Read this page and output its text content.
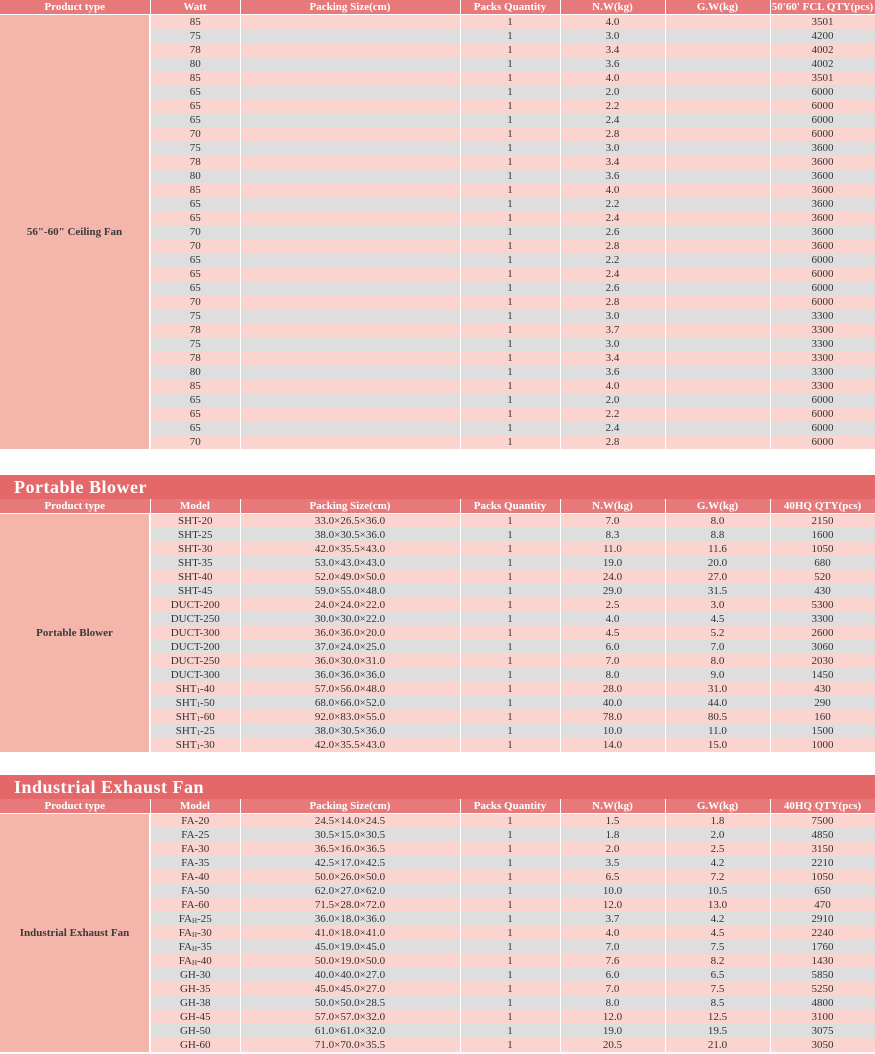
Product type	Watt	Packing Size(cm)	Packs Quantity	N.W(kg)	G.W(kg)	50'60' FCL QTY(pcs)
56"-60" Ceiling Fan	85		1	4.0		3501
	75		1	3.0		4200
	78		1	3.4		4002
	80		1	3.6		4002
	85		1	4.0		3501
	65		1	2.0		6000
	65		1	2.2		6000
	65		1	2.4		6000
	70		1	2.8		6000
	75		1	3.0		3600
	78		1	3.4		3600
	80		1	3.6		3600
	85		1	4.0		3600
	65		1	2.2		3600
	65		1	2.4		3600
	70		1	2.6		3600
	70		1	2.8		3600
	65		1	2.2		6000
	65		1	2.4		6000
	65		1	2.6		6000
	70		1	2.8		6000
	75		1	3.0		3300
	78		1	3.7		3300
	75		1	3.0		3300
	78		1	3.4		3300
	80		1	3.6		3300
	85		1	4.0		3300
	65		1	2.0		6000
	65		1	2.2		6000
	65		1	2.4		6000
	70		1	2.8		6000
Portable Blower
Product type	Model	Packing Size(cm)	Packs Quantity	N.W(kg)	G.W(kg)	40HQ QTY(pcs)
Portable Blower	SHT-20	33.0×26.5×36.0	1	7.0	8.0	2150
	SHT-25	38.0×30.5×36.0	1	8.3	8.8	1600
	SHT-30	42.0×35.5×43.0	1	11.0	11.6	1050
	SHT-35	53.0×43.0×43.0	1	19.0	20.0	680
	SHT-40	52.0×49.0×50.0	1	24.0	27.0	520
	SHT-45	59.0×55.0×48.0	1	29.0	31.5	430
	DUCT-200	24.0×24.0×22.0	1	2.5	3.0	5300
	DUCT-250	30.0×30.0×22.0	1	4.0	4.5	3300
	DUCT-300	36.0×36.0×20.0	1	4.5	5.2	2600
	DUCT-200	37.0×24.0×25.0	1	6.0	7.0	3060
	DUCT-250	36.0×30.0×31.0	1	7.0	8.0	2030
	DUCT-300	36.0×36.0×36.0	1	8.0	9.0	1450
	$SHT_1-40$	57.0×56.0×48.0	1	28.0	31.0	430
	$SHT_1-50$	68.0×66.0×52.0	1	40.0	44.0	290
	$SHT_1-60$	92.0×83.0×55.0	1	78.0	80.5	160
	$SHT_1-25$	38.0×30.5×36.0	1	10.0	11.0	1500
	$SHT_1-30$	42.0×35.5×43.0	1	14.0	15.0	1000
Industrial Exhaust Fan
Product type	Model	Packing Size(cm)	Packs Quantity	N.W(kg)	G.W(kg)	40HQ QTY(pcs)
Industrial Exhaust Fan	FA-20	24.5×14.0×24.5	1	1.5	1.8	7500
	FA-25	30.5×15.0×30.5	1	1.8	2.0	4850
	FA-30	36.5×16.0×36.5	1	2.0	2.5	3150
	FA-35	42.5×17.0×42.5	1	3.5	4.2	2210
	FA-40	50.0×26.0×50.0	1	6.5	7.2	1050
	FA-50	62.0×27.0×62.0	1	10.0	10.5	650
	FA-60	71.5×28.0×72.0	1	12.0	13.0	470
	$FA_H-25$	36.0×18.0×36.0	1	3.7	4.2	2910
	$FA_H-30$	41.0×18.0×41.0	1	4.0	4.5	2240
	$FA_H-35$	45.0×19.0×45.0	1	7.0	7.5	1760
	$FA_H-40$	50.0×19.0×50.0	1	7.6	8.2	1430
	GH-30	40.0×40.0×27.0	1	6.0	6.5	5850
	GH-35	45.0×45.0×27.0	1	7.0	7.5	5250
	GH-38	50.0×50.0×28.5	1	8.0	8.5	4800
	GH-45	57.0×57.0×32.0	1	12.0	12.5	3100
	GH-50	61.0×61.0×32.0	1	19.0	19.5	3075
	GH-60	71.0×70.0×35.5	1	20.5	21.0	3050
